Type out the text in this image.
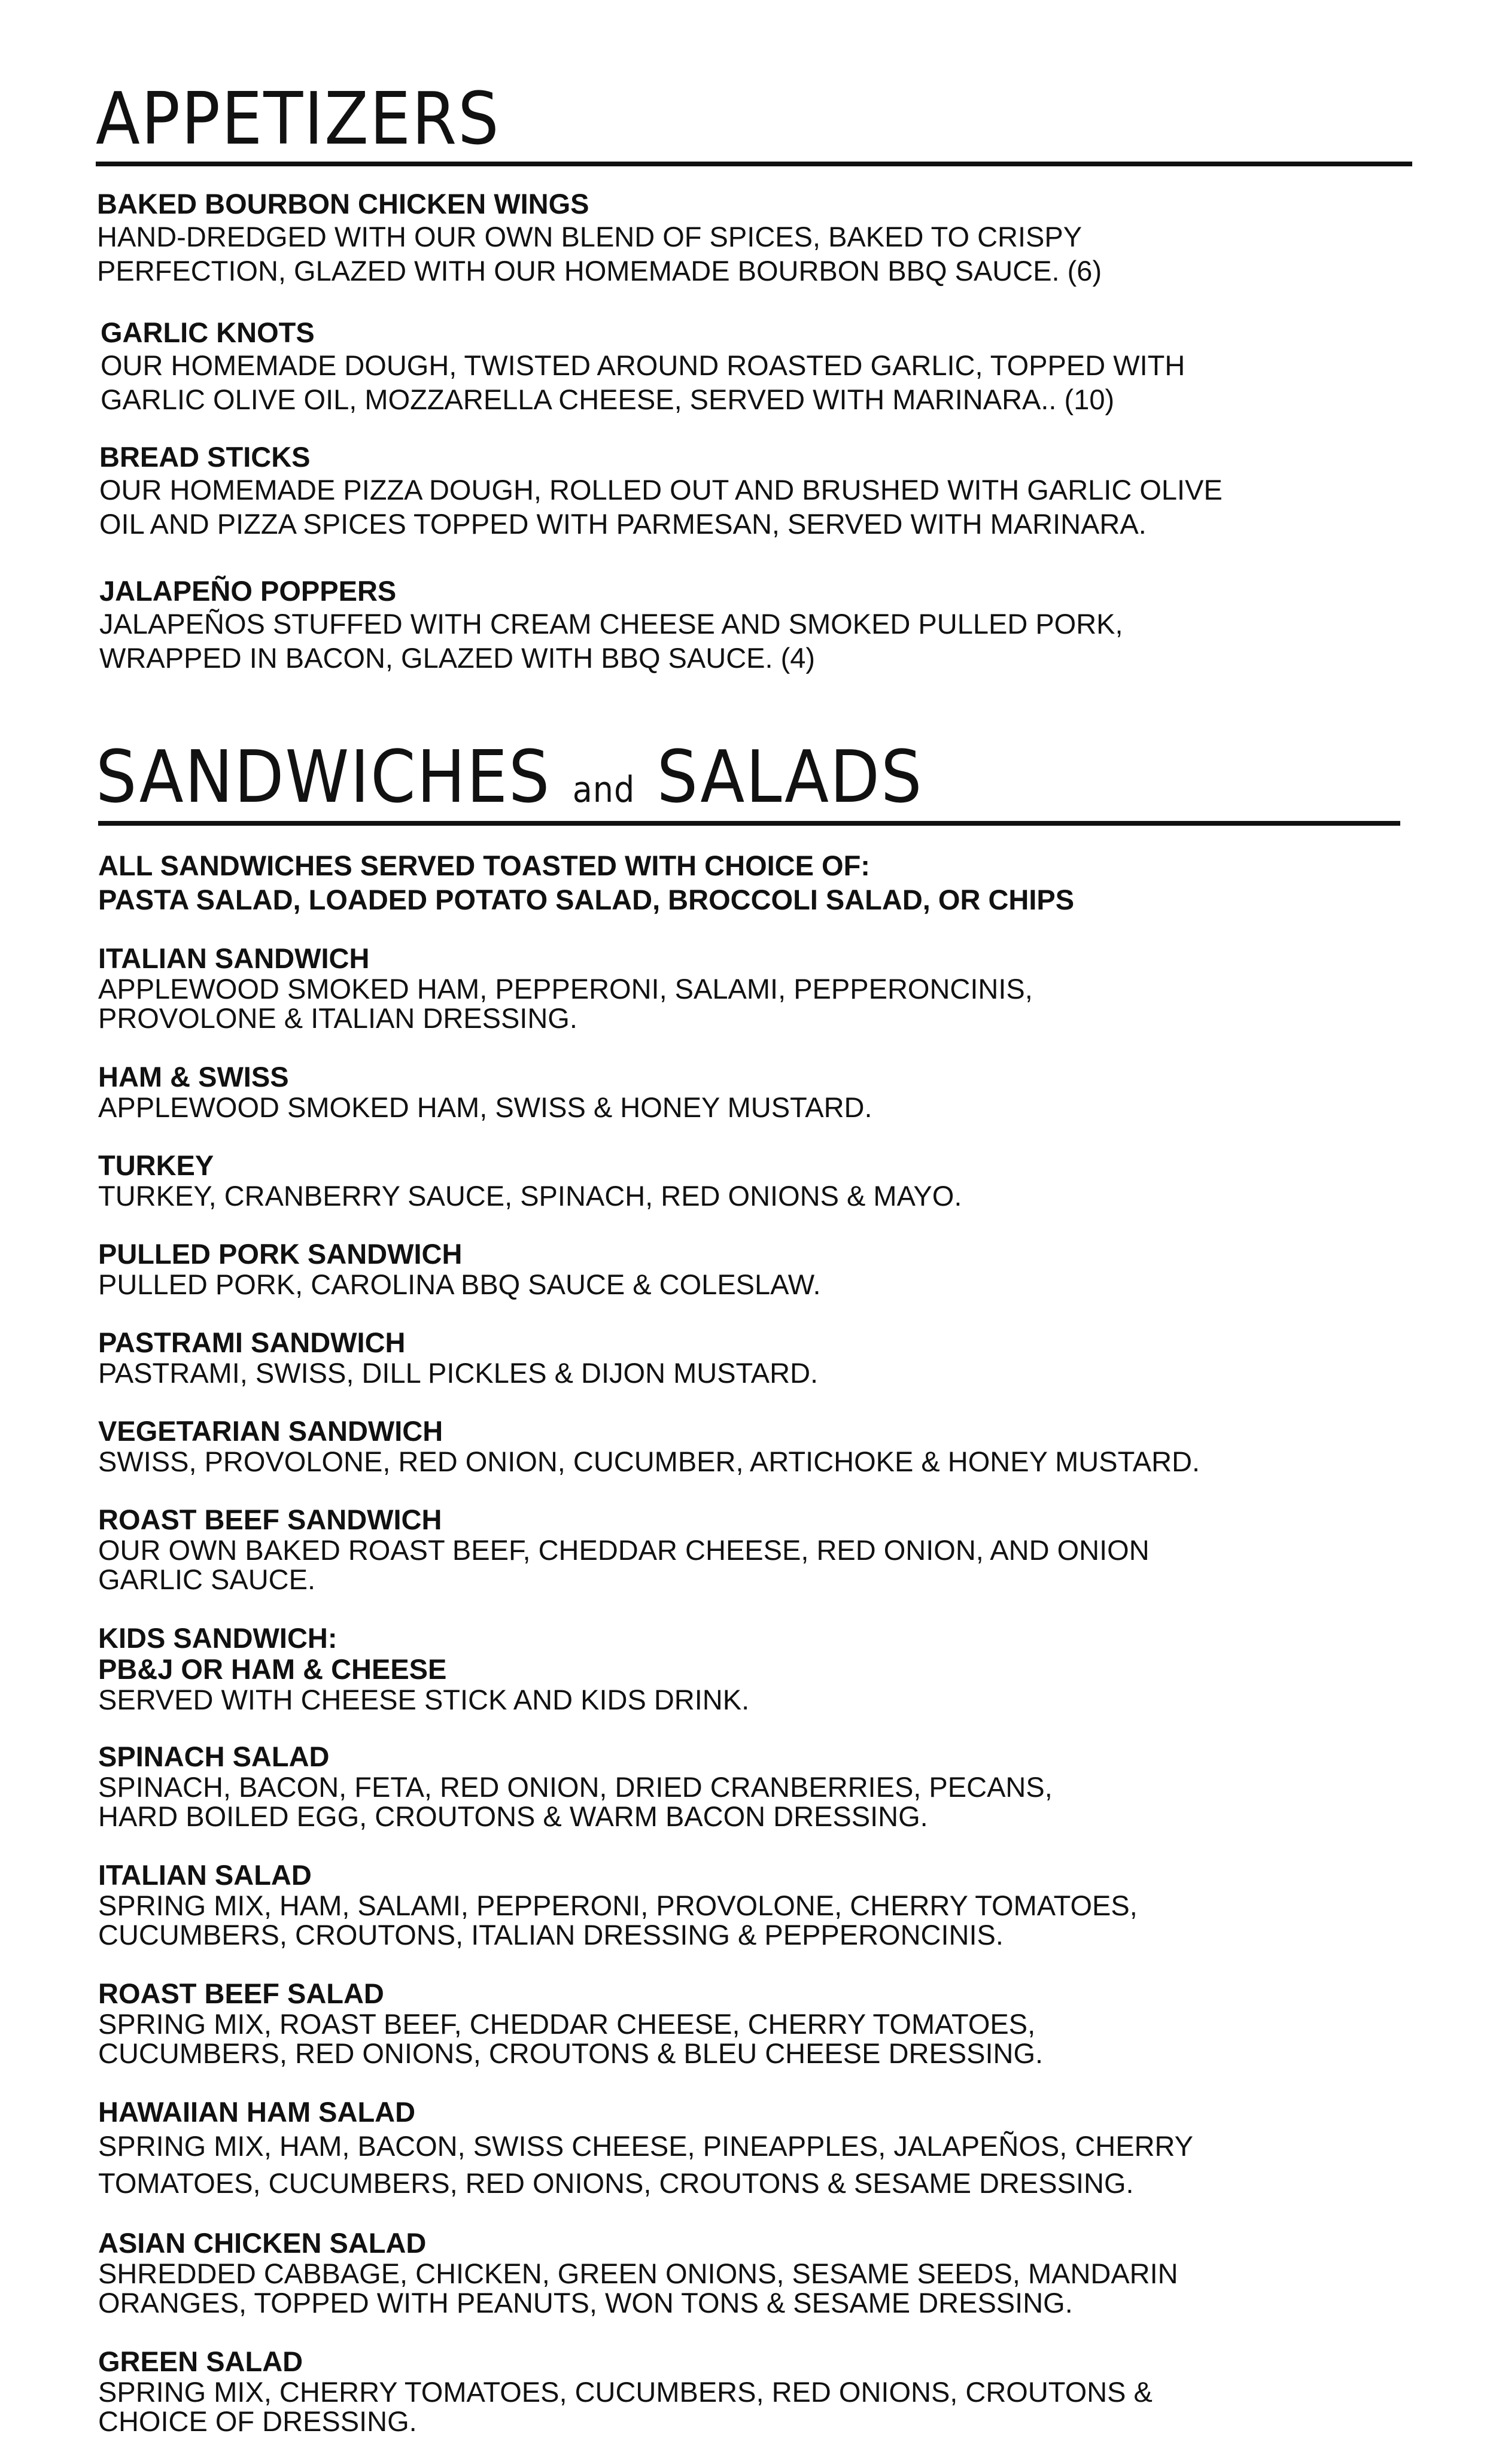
APPETIZERS

BAKED BOURBON CHICKEN WINGS

HAND-DREDGED WITH OUR OWN BLEND OF SPICES, BAKED TO CRISPY

PERFECTION, GLAZED WITH OUR HOMEMADE BOURBON BBQ SAUCE. (6)

GARLIC KNOTS

OUR HOMEMADE DOUGH, TWISTED AROUND ROASTED GARLIC, TOPPED WITH

GARLIC OLIVE OIL, MOZZARELLA CHEESE, SERVED WITH MARINARA.. (10)

BREAD STICKS

OUR HOMEMADE PIZZA DOUGH, ROLLED OUT AND BRUSHED WITH GARLIC OLIVE

OIL AND PIZZA SPICES TOPPED WITH PARMESAN, SERVED WITH MARINARA.

JALAPEÑO POPPERS

JALAPEÑOS STUFFED WITH CREAM CHEESE AND SMOKED PULLED PORK,

WRAPPED IN BACON, GLAZED WITH BBQ SAUCE. (4)

SANDWICHES and SALADS

ALL SANDWICHES SERVED TOASTED WITH CHOICE OF:

PASTA SALAD, LOADED POTATO SALAD, BROCCOLI SALAD, OR CHIPS

ITALIAN SANDWICH

APPLEWOOD SMOKED HAM, PEPPERONI, SALAMI, PEPPERONCINIS,

PROVOLONE & ITALIAN DRESSING.

HAM & SWISS

APPLEWOOD SMOKED HAM, SWISS & HONEY MUSTARD.

TURKEY

TURKEY, CRANBERRY SAUCE, SPINACH, RED ONIONS & MAYO.

PULLED PORK SANDWICH

PULLED PORK, CAROLINA BBQ SAUCE & COLESLAW.

PASTRAMI SANDWICH

PASTRAMI, SWISS, DILL PICKLES & DIJON MUSTARD.

VEGETARIAN SANDWICH

SWISS, PROVOLONE, RED ONION, CUCUMBER, ARTICHOKE & HONEY MUSTARD.

ROAST BEEF SANDWICH

OUR OWN BAKED ROAST BEEF, CHEDDAR CHEESE, RED ONION, AND ONION

GARLIC SAUCE.

KIDS SANDWICH:

PB&J OR HAM & CHEESE

SERVED WITH CHEESE STICK AND KIDS DRINK.

SPINACH SALAD

SPINACH, BACON, FETA, RED ONION, DRIED CRANBERRIES, PECANS,

HARD BOILED EGG, CROUTONS & WARM BACON DRESSING.

ITALIAN SALAD

SPRING MIX, HAM, SALAMI, PEPPERONI, PROVOLONE, CHERRY TOMATOES,

CUCUMBERS, CROUTONS, ITALIAN DRESSING & PEPPERONCINIS.

ROAST BEEF SALAD

SPRING MIX, ROAST BEEF, CHEDDAR CHEESE, CHERRY TOMATOES,

CUCUMBERS, RED ONIONS, CROUTONS & BLEU CHEESE DRESSING.

HAWAIIAN HAM SALAD

SPRING MIX, HAM, BACON, SWISS CHEESE, PINEAPPLES, JALAPEÑOS, CHERRY

TOMATOES, CUCUMBERS, RED ONIONS, CROUTONS & SESAME DRESSING.

ASIAN CHICKEN SALAD

SHREDDED CABBAGE, CHICKEN, GREEN ONIONS, SESAME SEEDS, MANDARIN

ORANGES, TOPPED WITH PEANUTS, WON TONS & SESAME DRESSING.

GREEN SALAD

SPRING MIX, CHERRY TOMATOES, CUCUMBERS, RED ONIONS, CROUTONS &

CHOICE OF DRESSING.
